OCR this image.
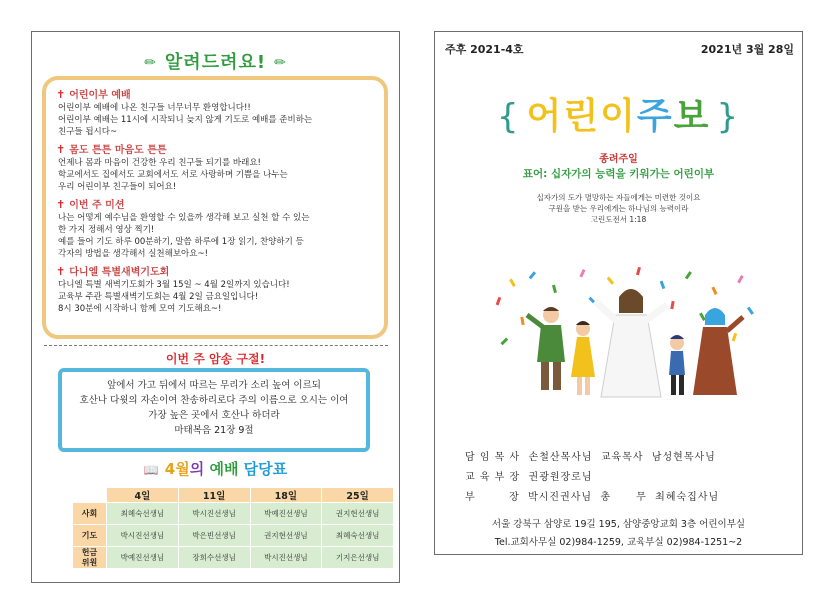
✏ 알려드려요! ✏
✝ 어린이부 예배
어린이부 예배에 나온 친구들 너무너무 환영합니다!!
어린이부 예배는 11시에 시작되니 늦지 않게 기도로 예배를 준비하는
친구들 됩시다~
✝ 몸도 튼튼 마음도 튼튼
언제나 몸과 마음이 건강한 우리 친구들 되기를 바래요!
학교에서도 집에서도 교회에서도 서로 사랑하며 기쁨을 나누는
우리 어린이부 친구들이 되어요!
✝ 이번 주 미션
나는 어떻게 예수님을 환영할 수 있을까 생각해 보고 실천 할 수 있는
한 가지 정해서 영상 찍기!
예를 들어 기도 하루 00분하기, 말씀 하루에 1장 읽기, 찬양하기 등
각자의 방법을 생각해서 실천해보아요~!
✝ 다니엘 특별새벽기도회
다니엘 특별 새벽기도회가 3월 15일 ~ 4월 2일까지 있습니다!
교육부 주관 특별새벽기도회는 4월 2일 금요일입니다!
8시 30분에 시작하니 함께 모여 기도해요~!
이번 주 암송 구절!
앞에서 가고 뒤에서 따르는 무리가 소리 높여 이르되
호산나 다윗의 자손이여 찬송하리로다 주의 이름으로 오시는 이여
가장 높은 곳에서 호산나 하더라
마태복음 21장 9절
📖 4월의 예배 담당표
	4일	11일	18일	25일
사회	최혜숙선생님	박시진선생님	박예진선생님	권지현선생님
기도	박시진선생님	박은빈선생님	권지현선생님	최혜숙선생님
헌금
위원	박예진선생님	장희수선생님	박시진선생님	기지은선생님
주후 2021-4호	2021년 3월 28일
{ 어린이주보 }
종려주일
표어: 십자가의 능력을 키워가는 어린이부
십자가의 도가 멸망하는 자들에게는 미련한 것이요
구원을 받는 우리에게는 하나님의 능력이라
고린도전서 1:18
담 임 목 사  손철산목사님  교육목사  남성현목사님
교 육 부 장  권광원장로님
부        장  박시진권사님  총      무  최혜숙집사님
서울 강북구 삼양로 19길 195, 삼양중앙교회 3층 어린이부실
Tel.교회사무실 02)984-1259, 교육부실 02)984-1251~2
